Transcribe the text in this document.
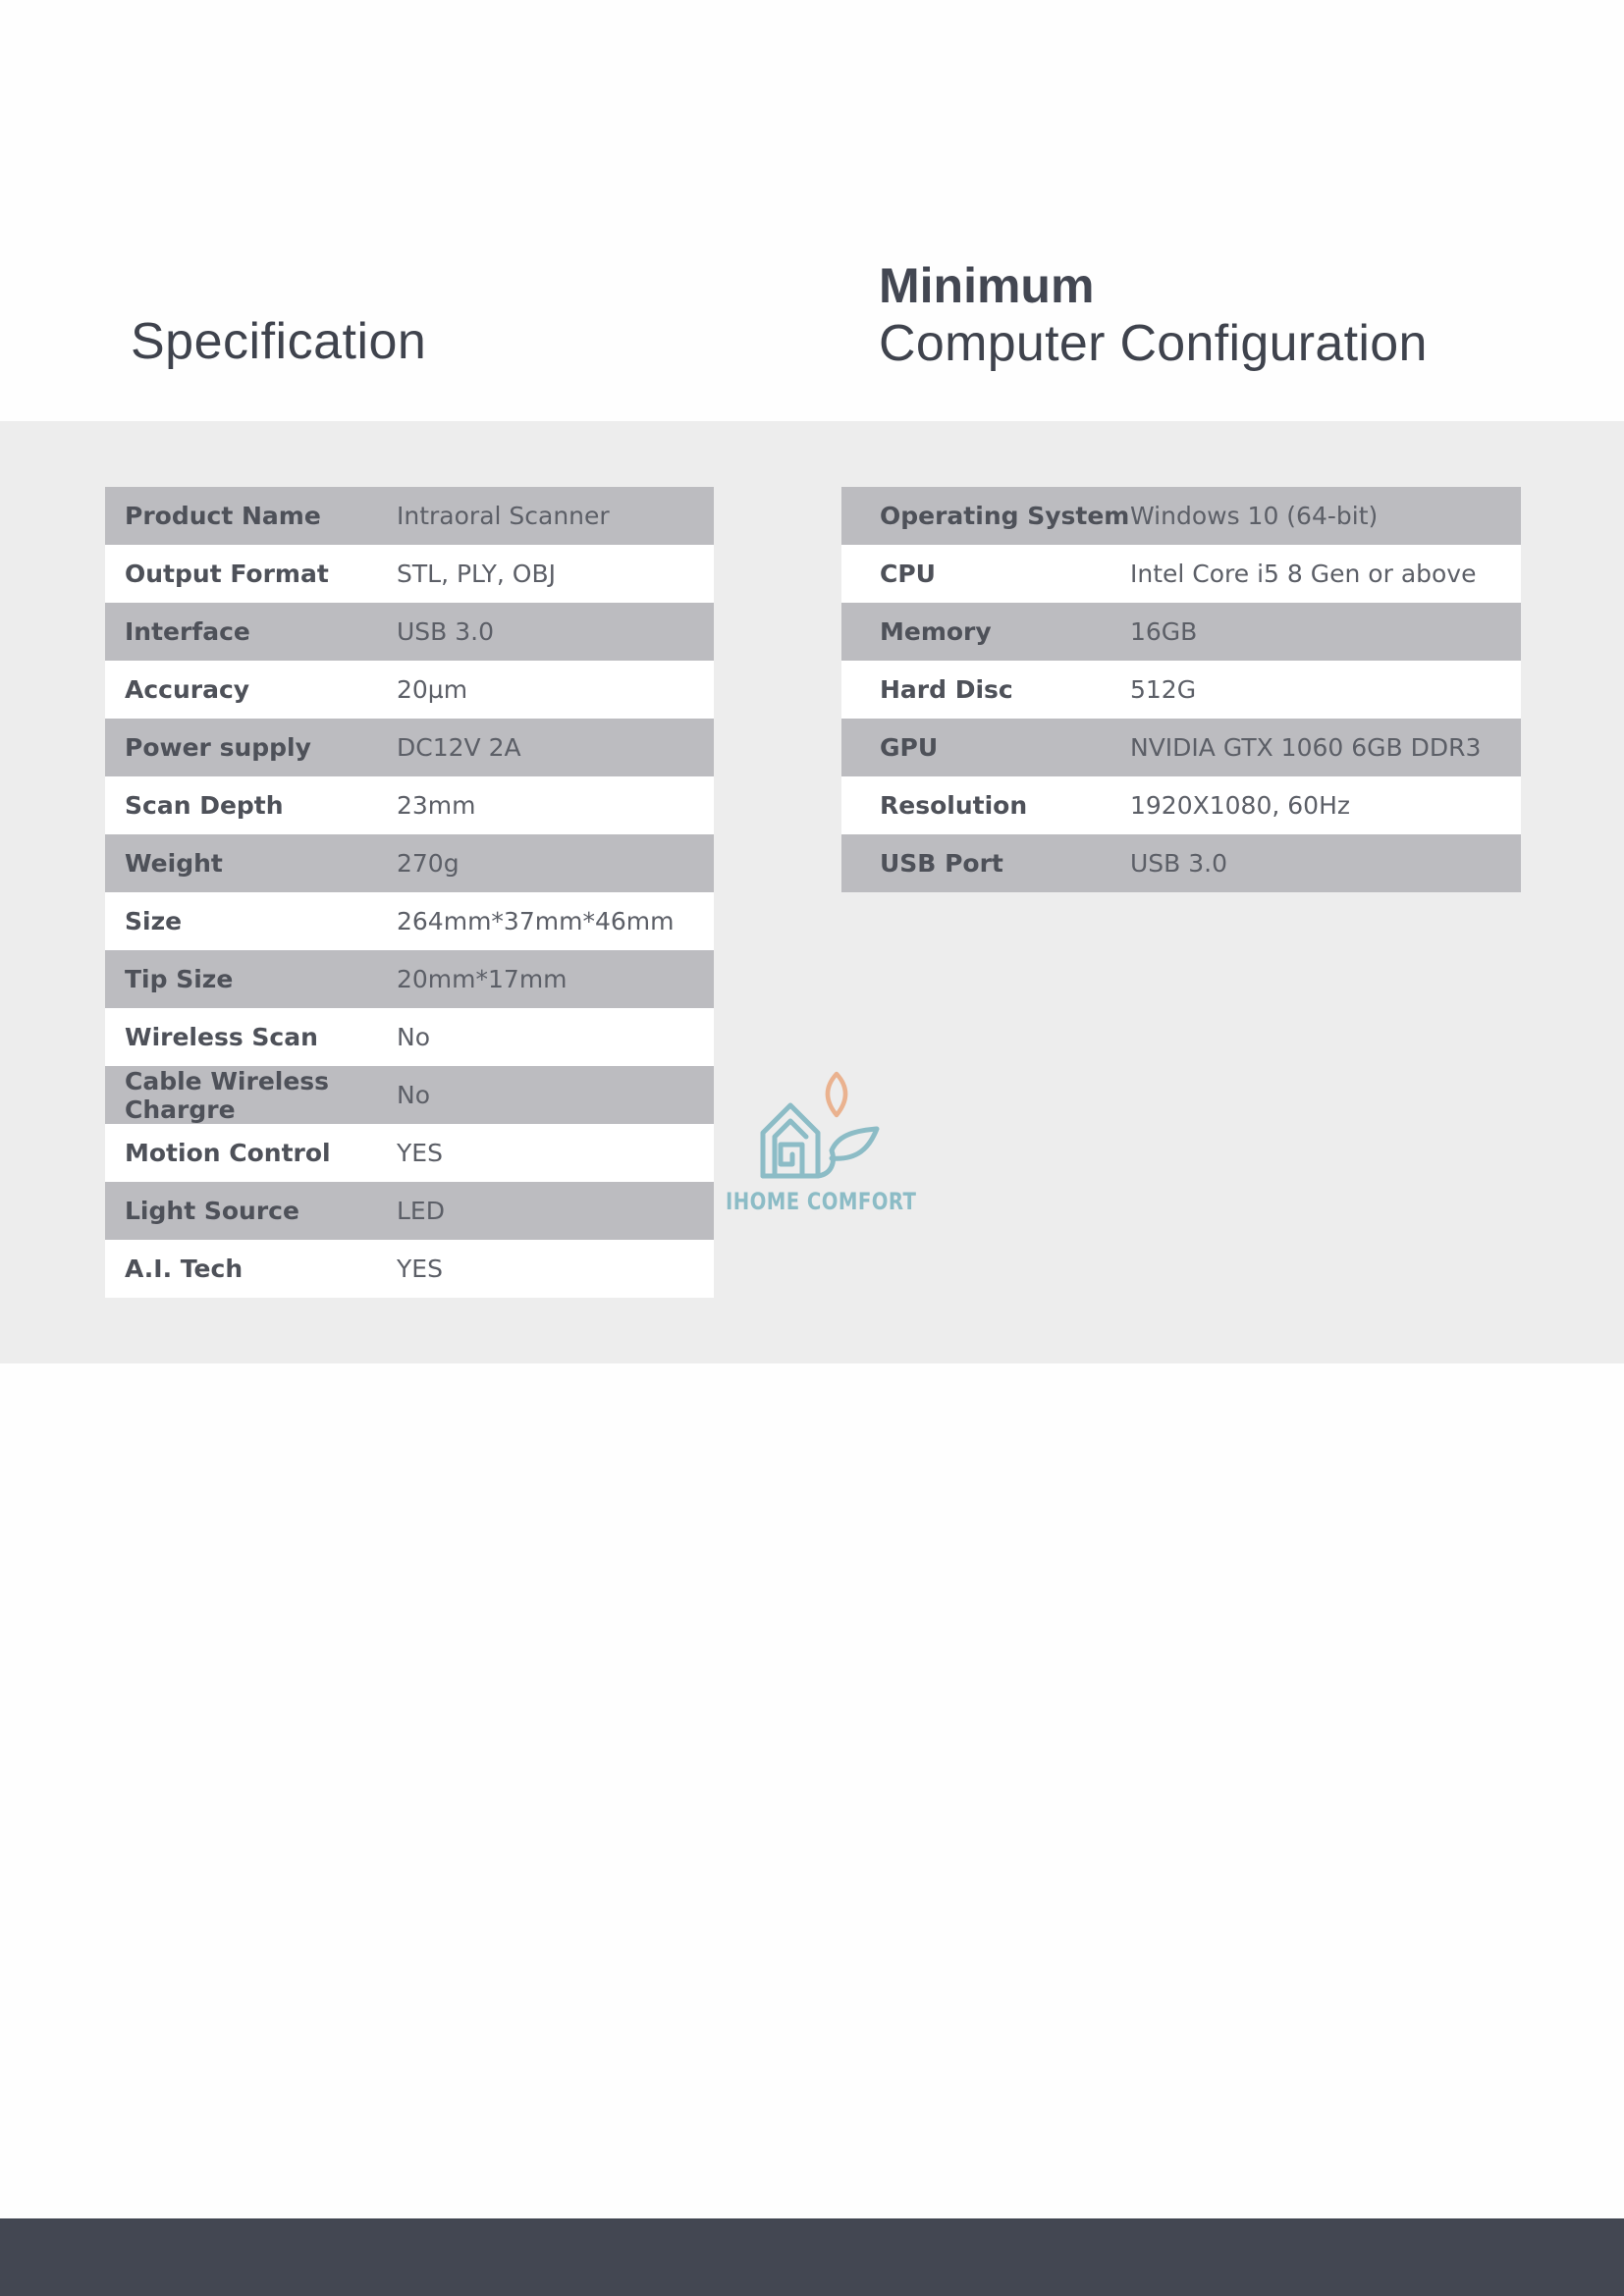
Specification
Minimum
Computer Configuration
Product Name	Intraoral Scanner
Output Format	STL, PLY, OBJ
Interface	USB 3.0
Accuracy	20µm
Power supply	DC12V 2A
Scan Depth	23mm
Weight	270g
Size	264mm*37mm*46mm
Tip Size	20mm*17mm
Wireless Scan	No
Cable Wireless Chargre	No
Motion Control	YES
Light Source	LED
A.I. Tech	YES
Operating System	Windows 10 (64-bit)
CPU	Intel Core i5 8 Gen or above
Memory	16GB
Hard Disc	512G
GPU	NVIDIA GTX 1060 6GB DDR3
Resolution	1920X1080, 60Hz
USB Port	USB 3.0
IHOME COMFORT
